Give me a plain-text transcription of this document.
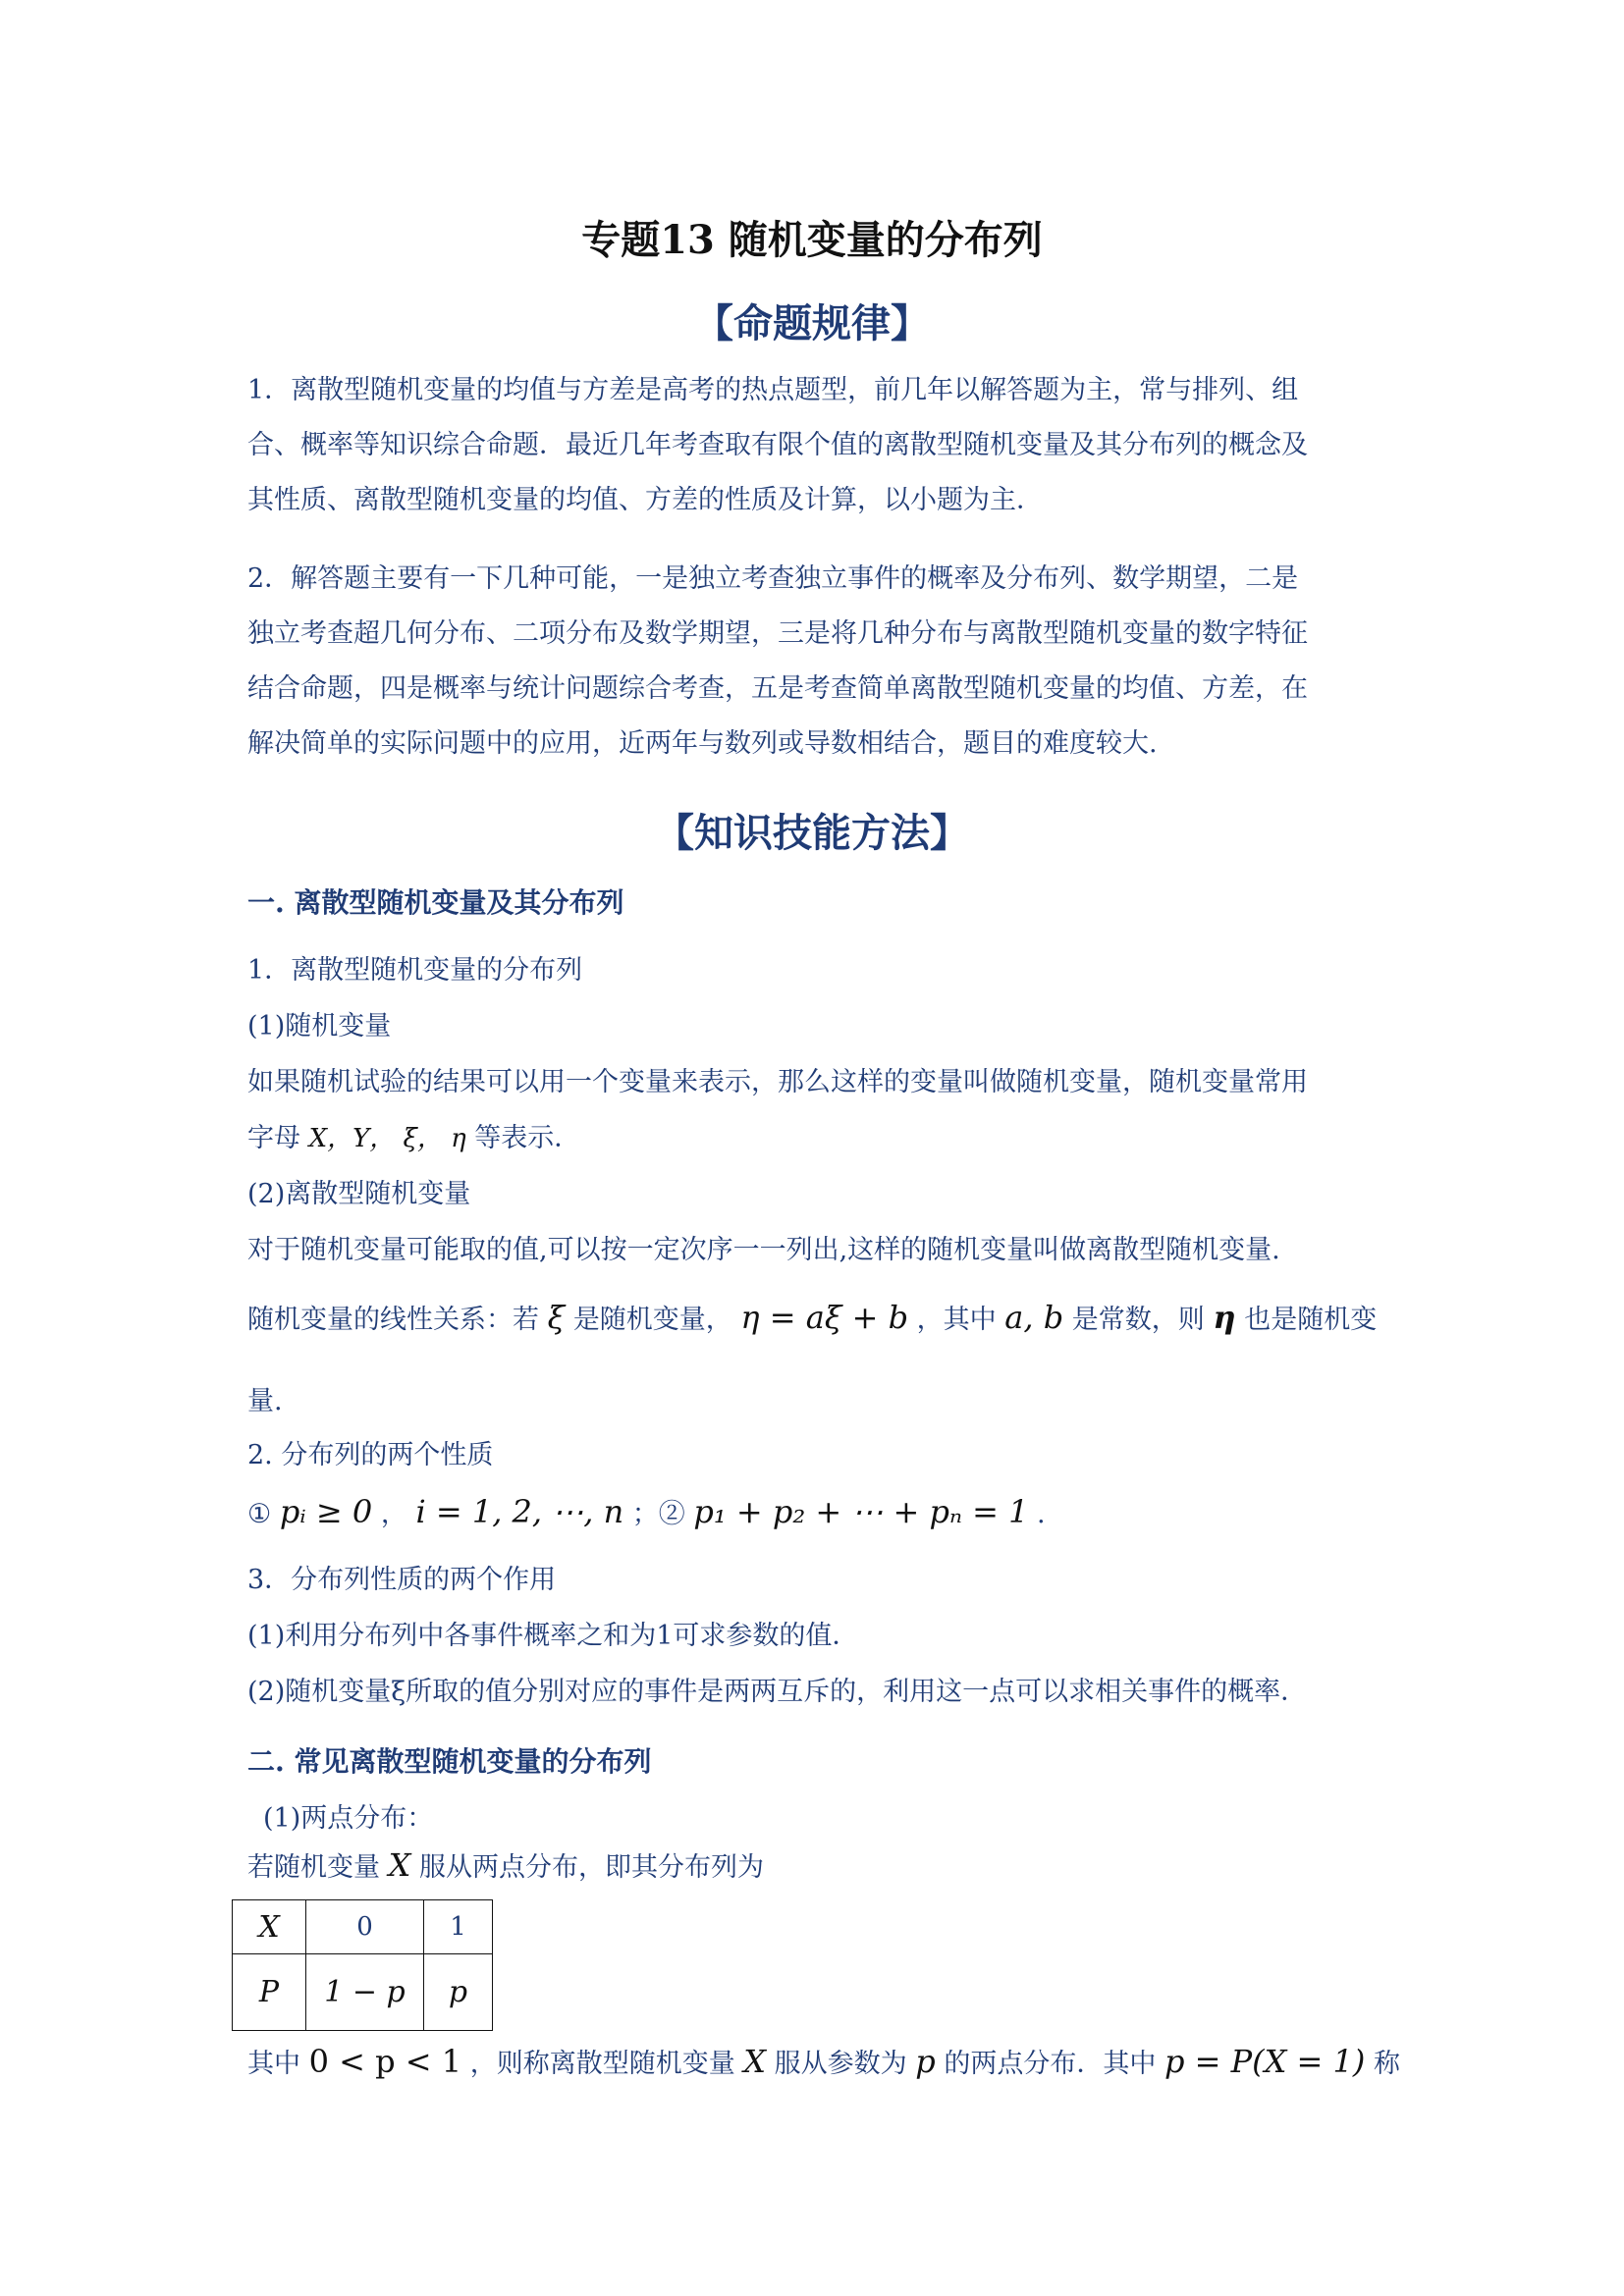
专题13 随机变量的分布列
【命题规律】
1．离散型随机变量的均值与方差是高考的热点题型，前几年以解答题为主，常与排列、组
合、概率等知识综合命题．最近几年考查取有限个值的离散型随机变量及其分布列的概念及
其性质、离散型随机变量的均值、方差的性质及计算，以小题为主．
2．解答题主要有一下几种可能，一是独立考查独立事件的概率及分布列、数学期望，二是
独立考查超几何分布、二项分布及数学期望，三是将几种分布与离散型随机变量的数字特征
结合命题，四是概率与统计问题综合考查，五是考查简单离散型随机变量的均值、方差，在
解决简单的实际问题中的应用，近两年与数列或导数相结合，题目的难度较大.
【知识技能方法】
一. 离散型随机变量及其分布列
1．离散型随机变量的分布列
(1)随机变量
如果随机试验的结果可以用一个变量来表示，那么这样的变量叫做随机变量，随机变量常用
字母 X，Y， ξ， η 等表示．
(2)离散型随机变量
对于随机变量可能取的值,可以按一定次序一一列出,这样的随机变量叫做离散型随机变量.
随机变量的线性关系：若 ξ 是随机变量， η = aξ + b ，其中 a, b 是常数，则 η 也是随机变
量.
2. 分布列的两个性质
① pᵢ ≥ 0 ， i = 1, 2, ⋯, n ；② p₁ + p₂ + ⋯ + pₙ = 1 .
3．分布列性质的两个作用
(1)利用分布列中各事件概率之和为1可求参数的值．
(2)随机变量ξ所取的值分别对应的事件是两两互斥的，利用这一点可以求相关事件的概率．
二. 常见离散型随机变量的分布列
(1)两点分布：
若随机变量 X 服从两点分布，即其分布列为
X	0	1
P	1 − p	p
其中 0 < p < 1 ，则称离散型随机变量 X 服从参数为 p 的两点分布．其中 p = P(X = 1) 称
